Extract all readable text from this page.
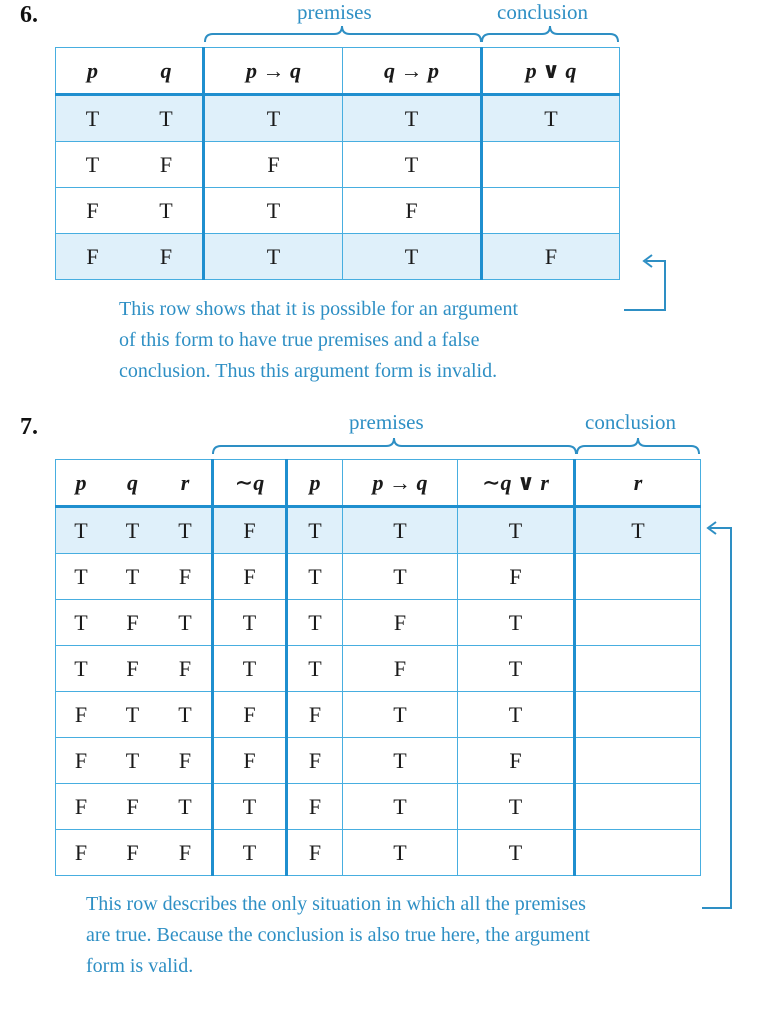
6.	premises	conclusion
p	q	p → q	q → p	p ∨ q
T	T	T	T	T
T	F	F	T	
F	T	T	F	
F	F	T	T	F
This row shows that it is possible for an argument
of this form to have true premises and a false
conclusion. Thus this argument form is invalid.
7.	premises	conclusion
p	q	r	∼q	p	p → q	∼q ∨ r	r
T	T	T	F	T	T	T	T
T	T	F	F	T	T	F	
T	F	T	T	T	F	T	
T	F	F	T	T	F	T	
F	T	T	F	F	T	T	
F	T	F	F	F	T	F	
F	F	T	T	F	T	T	
F	F	F	T	F	T	T	
This row describes the only situation in which all the premises
are true. Because the conclusion is also true here, the argument
form is valid.
